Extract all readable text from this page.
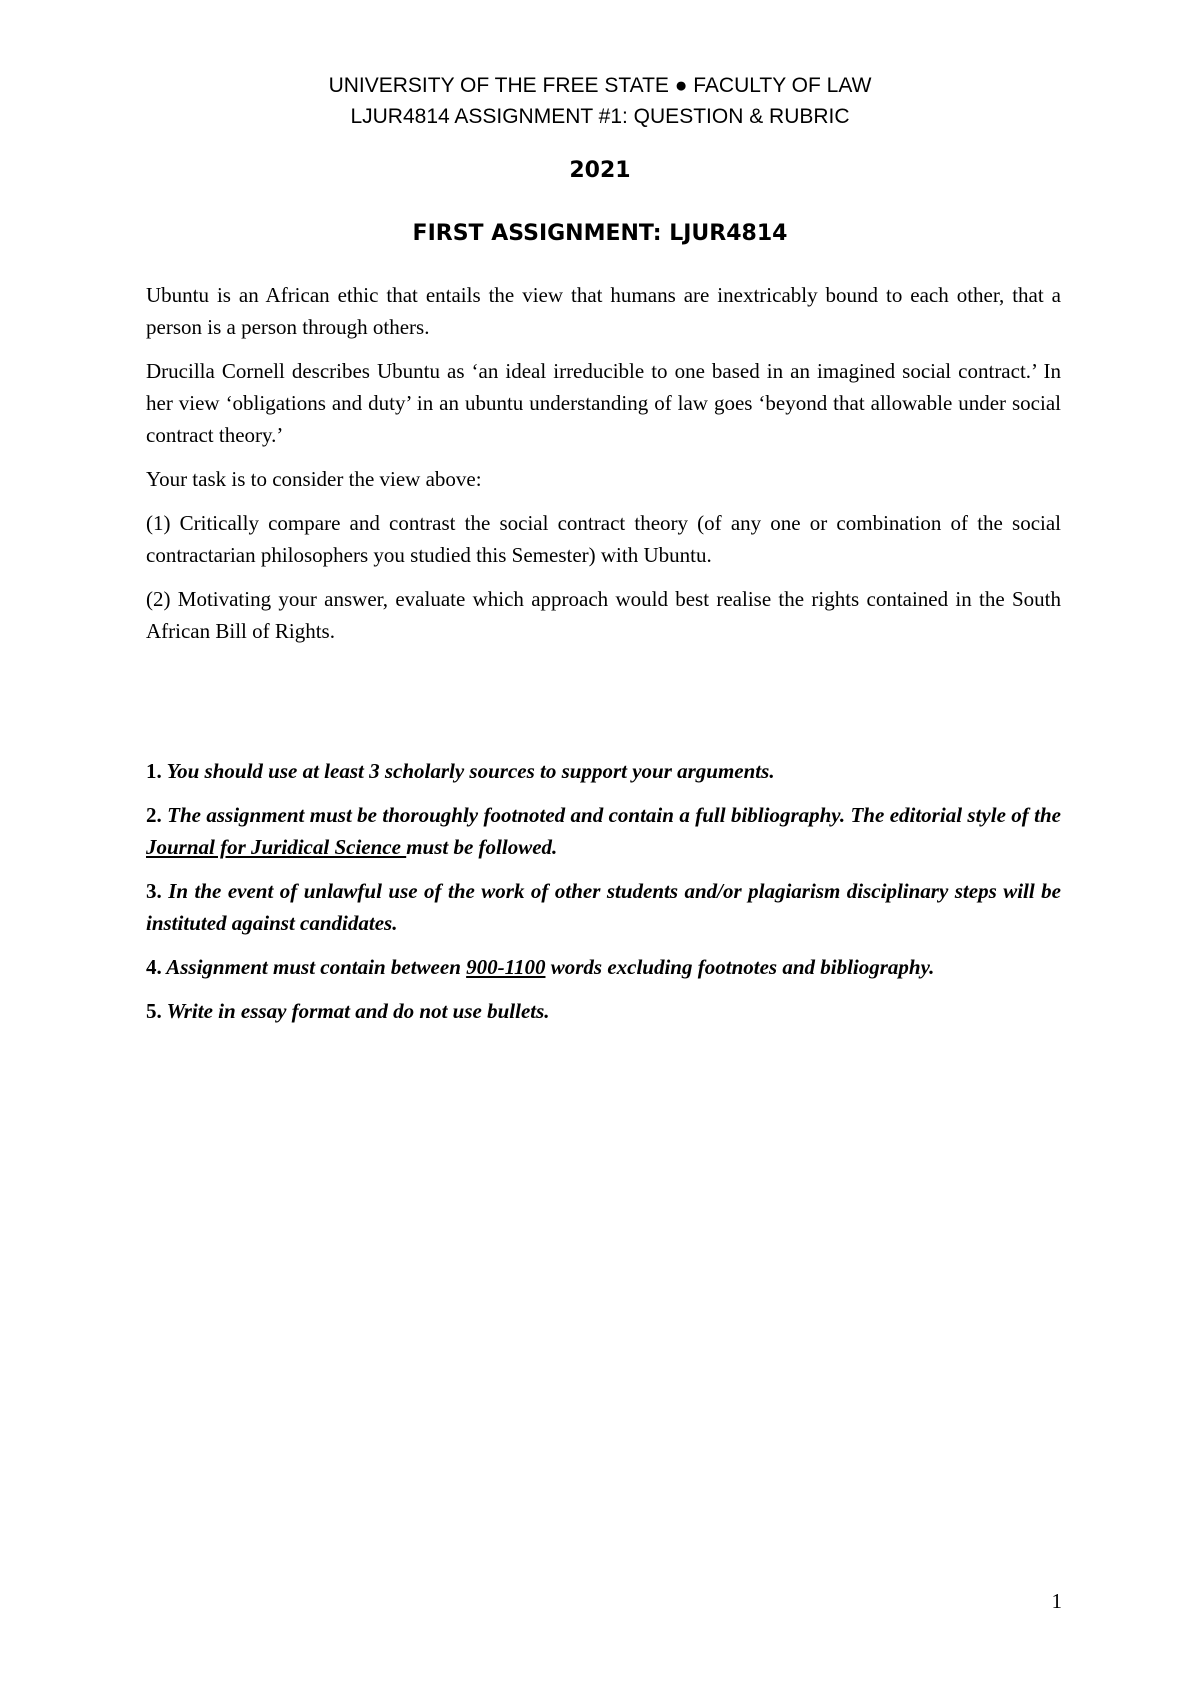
UNIVERSITY OF THE FREE STATE ● FACULTY OF LAW
LJUR4814 ASSIGNMENT #1: QUESTION & RUBRIC
2021
FIRST ASSIGNMENT: LJUR4814

Ubuntu is an African ethic that entails the view that humans are inextricably bound to each other, that a person is a person through others.

Drucilla Cornell describes Ubuntu as ‘an ideal irreducible to one based in an imagined social contract.’ In her view ‘obligations and duty’ in an ubuntu understanding of law goes ‘beyond that allowable under social contract theory.’

Your task is to consider the view above:

(1) Critically compare and contrast the social contract theory (of any one or combination of the social contractarian philosophers you studied this Semester) with Ubuntu.

(2) Motivating your answer, evaluate which approach would best realise the rights contained in the South African Bill of Rights.

1. You should use at least 3 scholarly sources to support your arguments.

2. The assignment must be thoroughly footnoted and contain a full bibliography. The editorial style of the Journal for Juridical Science must be followed.

3. In the event of unlawful use of the work of other students and/or plagiarism disciplinary steps will be instituted against candidates.

4. Assignment must contain between 900-1100 words excluding footnotes and bibliography.

5. Write in essay format and do not use bullets.

1
